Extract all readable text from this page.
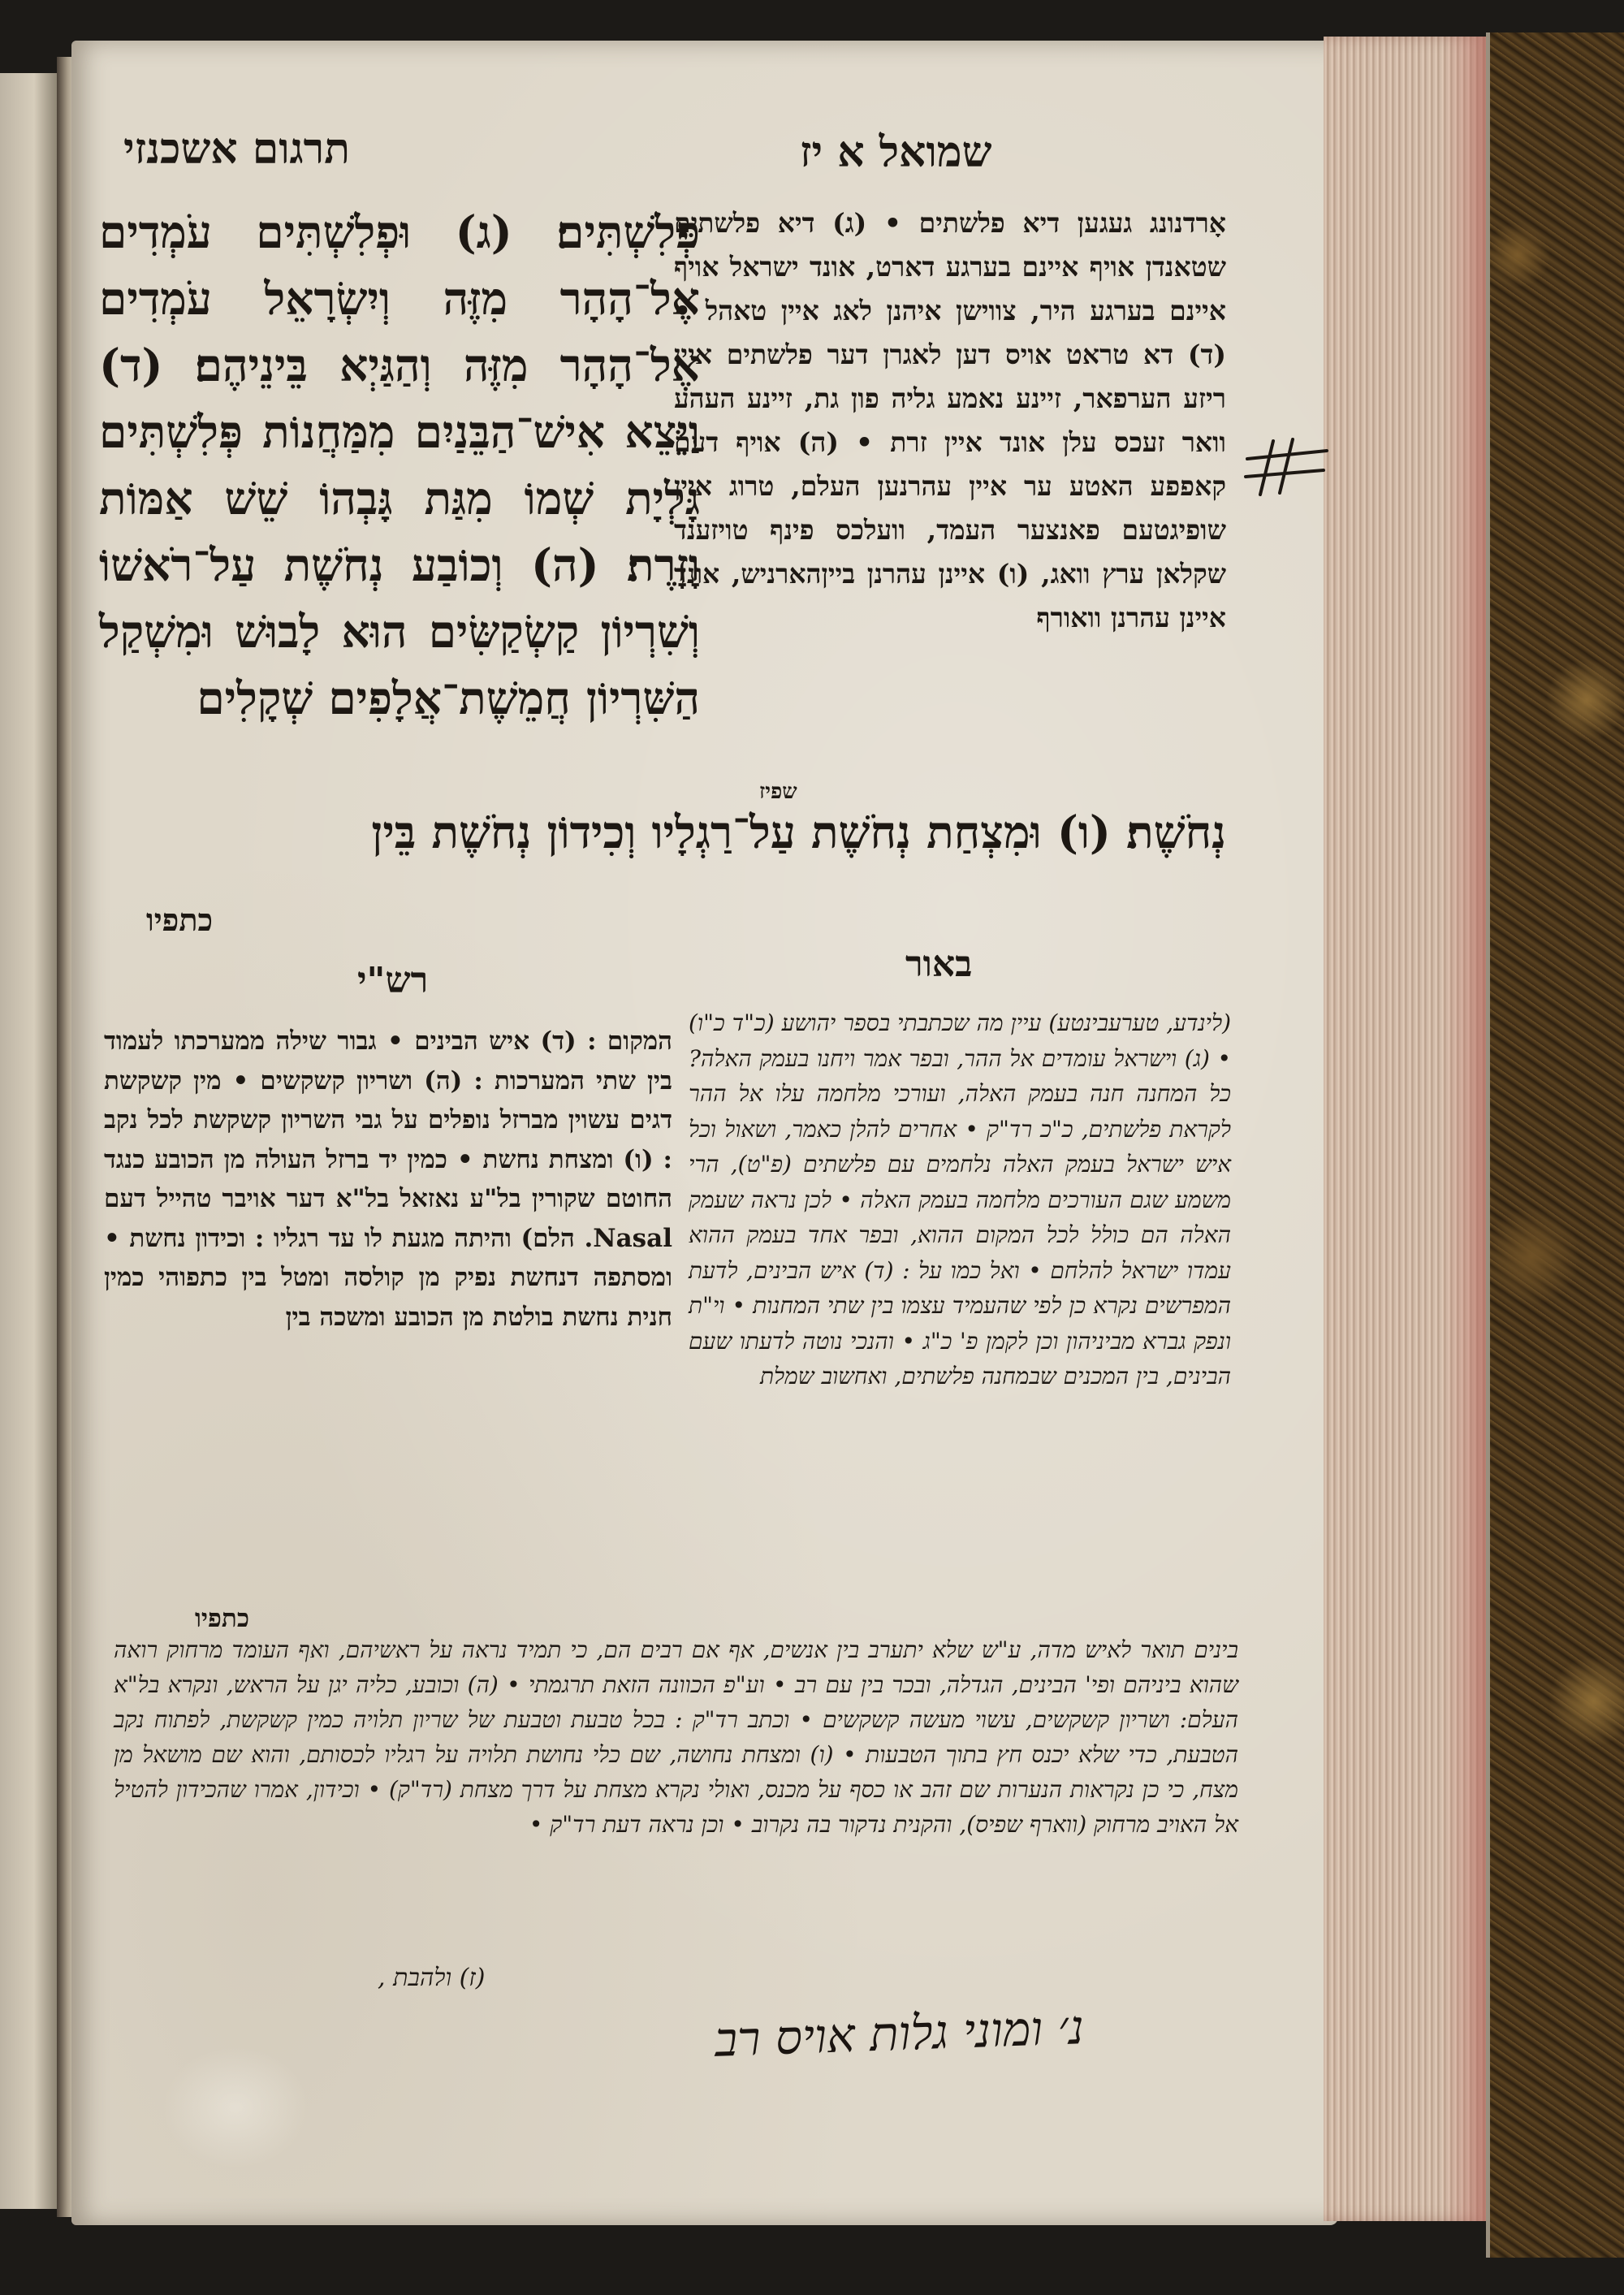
תרגום אשכנזי	שמואל א יז
פְּלִשְׁתִּים׃ (ג) וּפְלִשְׁתִּים עֹמְדִים אֶל־הָהָר מִזֶּה וְיִשְׂרָאֵל עֹמְדִים אֶל־הָהָר מִזֶּה וְהַגַּיְא בֵּינֵיהֶם׃ (ד) וַיֵּצֵא אִישׁ־הַבֵּנַיִם מִמַּחֲנוֹת פְּלִשְׁתִּים גָּלְיָת שְׁמוֹ מִגַּת גָּבְהוֹ שֵׁשׁ אַמּוֹת וָזָרֶת׃ (ה) וְכוֹבַע נְחֹשֶׁת עַל־רֹאשׁוֹ וְשִׁרְיוֹן קַשְׂקַשִּׂים הוּא לָבוּשׁ וּמִשְׁקַל הַשִּׁרְיוֹן חֲמֵשֶׁת־אֲלָפִים שְׁקָלִים
אָרדנונג געגען דיא פלשתים • (ג) דיא פלשתים שטאנדן אויף איינם בערגע דארט, אונד ישראל אויף איינם בערגע היר, צווישן איהנן לאג איין טאהל • (ד) דא טראט אויס דען לאגרן דער פלשתים איין ריזע הערפאר, זיינע נאמע גליה פון גת, זיינע העהע וואר זעכס עלן אונד איין זרת • (ה) אויף דעם קאפפע האטע ער איין עהרנען העלם, טרוג איין שופיגטעם פאנצער העמד, וועלכס פינף טויזענד שקלאן ערץ וואג, (ו) איינן עהרנן בייןהארניש, אונד איינן עהרנן וואורף
שפיז
נְחֹשֶׁת׃ (ו) וּמִצְחַת נְחֹשֶׁת עַל־רַגְלָיו וְכִידוֹן נְחֹשֶׁת בֵּין
כתפיו
רש"י	באור
המקום : (ד) איש הבינים • גבור שילה ממערכתו לעמוד בין שתי המערכות : (ה) ושריון קשקשים • מין קשקשת דגים עשוין מברזל נופלים על גבי השריון קשקשת לכל נקב : (ו) ומצחת נחשת • כמין יד ברזל העולה מן הכובע כנגד החוטם שקורין בל"ע נאזאל בל"א דער אויבר טהייל דעם Nasal. הלם) והיתה מגעת לו עד רגליו : וכידון נחשת • ומסתפה דנחשת נפיק מן קולסה ומטל בין כתפוהי כמין חנית נחשת בולטת מן הכובע ומשכה בין
(לינדע, טערעבינטע) עיין מה שכתבתי בספר יהושע (כ"ד כ"ו) • (ג) וישראל עומדים אל ההר, ובפר אמר ויחנו בעמק האלה? כל המחנה חנה בעמק האלה, ועורכי מלחמה עלו אל ההר לקראת פלשתים, כ"כ רד"ק • אחרים להלן כאמר, ושאול וכל איש ישראל בעמק האלה נלחמים עם פלשתים (פ"ט), הרי משמע שגם העורכים מלחמה בעמק האלה • לכן נראה שעמק האלה הם כולל לכל המקום ההוא, ובפר אחד בעמק ההוא עמדו ישראל להלחם • ואל כמו על : (ד) איש הבינים, לדעת המפרשים נקרא כן לפי שהעמיד עצמו בין שתי המחנות • וי"ת ונפק גברא מביניהון וכן לקמן פ' כ"ג • והנכי נוטה לדעתו שעם הבינים, בין המכנים שבמחנה פלשתים, ואחשוב שמלת
כתפיו
בינים תואר לאיש מדה, ע"ש שלא יתערב בין אנשים, אף אם רבים הם, כי תמיד נראה על ראשיהם, ואף העומד מרחוק רואה שהוא ביניהם ופי' הבינים, הגדלה, ובכר בין עם רב • וע"פ הכוונה הזאת תרגמתי • (ה) וכובע, כליה יגן על הראש, ונקרא בל"א העלם: ושריון קשקשים, עשוי מעשה קשקשים • וכתב רד"ק : בכל טבעת וטבעת של שריון תלויה כמין קשקשת, לפתוח נקב הטבעת, כדי שלא יכנס חץ בתוך הטבעות • (ו) ומצחת נחושה, שם כלי נחושת תלויה על רגליו לכסותם, והוא שם מושאל מן מצח, כי כן נקראות הנערות שם זהב או כסף על מכנס, ואולי נקרא מצחת על דרך מצחת (רד"ק) • וכידון, אמרו שהכידון להטיל אל האויב מרחוק (ווארף שפיס), והקנית נדקור בה נקרוב • וכן נראה דעת רד"ק •
(ז) ולהבת ,
נ׳ ומוני גלות אויס רב
